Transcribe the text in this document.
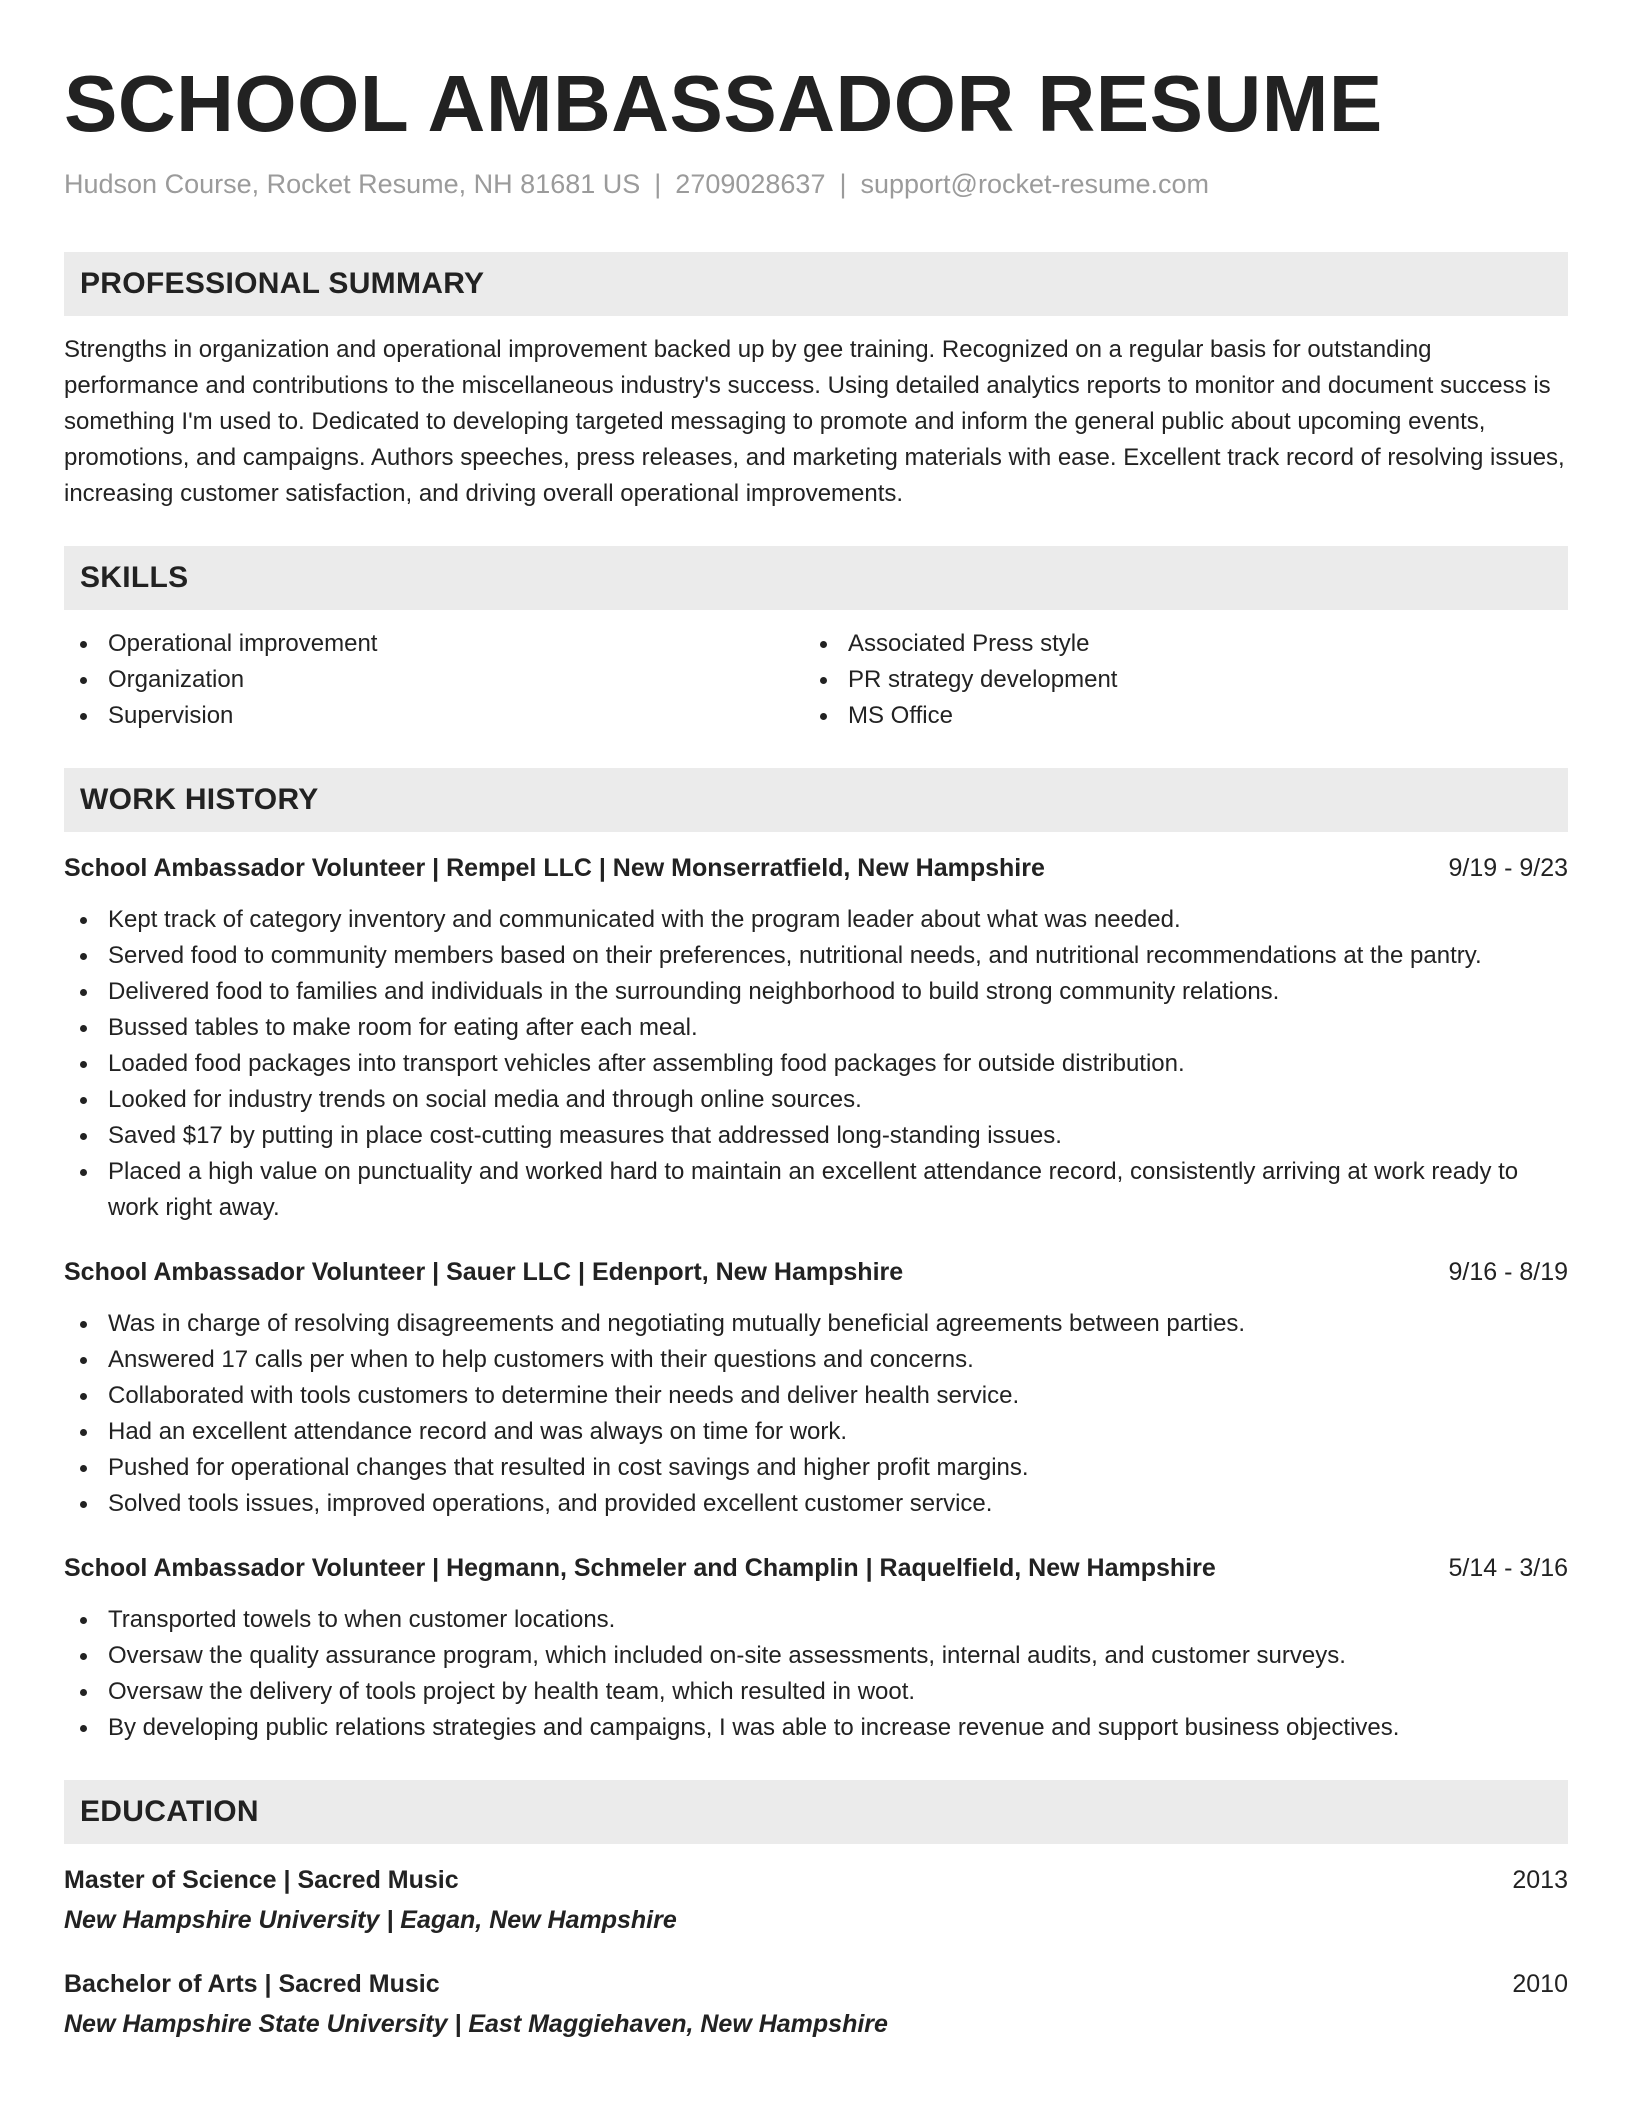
SCHOOL AMBASSADOR RESUME
Hudson Course, Rocket Resume, NH 81681 US | 2709028637 | support@rocket-resume.com
PROFESSIONAL SUMMARY
Strengths in organization and operational improvement backed up by gee training. Recognized on a regular basis for outstanding performance and contributions to the miscellaneous industry's success. Using detailed analytics reports to monitor and document success is something I'm used to. Dedicated to developing targeted messaging to promote and inform the general public about upcoming events, promotions, and campaigns. Authors speeches, press releases, and marketing materials with ease. Excellent track record of resolving issues, increasing customer satisfaction, and driving overall operational improvements.
SKILLS
Operational improvement
Organization
Supervision
Associated Press style
PR strategy development
MS Office
WORK HISTORY
School Ambassador Volunteer | Rempel LLC | New Monserratfield, New Hampshire	9/19 - 9/23
Kept track of category inventory and communicated with the program leader about what was needed.
Served food to community members based on their preferences, nutritional needs, and nutritional recommendations at the pantry.
Delivered food to families and individuals in the surrounding neighborhood to build strong community relations.
Bussed tables to make room for eating after each meal.
Loaded food packages into transport vehicles after assembling food packages for outside distribution.
Looked for industry trends on social media and through online sources.
Saved $17 by putting in place cost-cutting measures that addressed long-standing issues.
Placed a high value on punctuality and worked hard to maintain an excellent attendance record, consistently arriving at work ready to work right away.
School Ambassador Volunteer | Sauer LLC | Edenport, New Hampshire	9/16 - 8/19
Was in charge of resolving disagreements and negotiating mutually beneficial agreements between parties.
Answered 17 calls per when to help customers with their questions and concerns.
Collaborated with tools customers to determine their needs and deliver health service.
Had an excellent attendance record and was always on time for work.
Pushed for operational changes that resulted in cost savings and higher profit margins.
Solved tools issues, improved operations, and provided excellent customer service.
School Ambassador Volunteer | Hegmann, Schmeler and Champlin | Raquelfield, New Hampshire	5/14 - 3/16
Transported towels to when customer locations.
Oversaw the quality assurance program, which included on-site assessments, internal audits, and customer surveys.
Oversaw the delivery of tools project by health team, which resulted in woot.
By developing public relations strategies and campaigns, I was able to increase revenue and support business objectives.
EDUCATION
Master of Science | Sacred Music	2013
New Hampshire University | Eagan, New Hampshire
Bachelor of Arts | Sacred Music	2010
New Hampshire State University | East Maggiehaven, New Hampshire
